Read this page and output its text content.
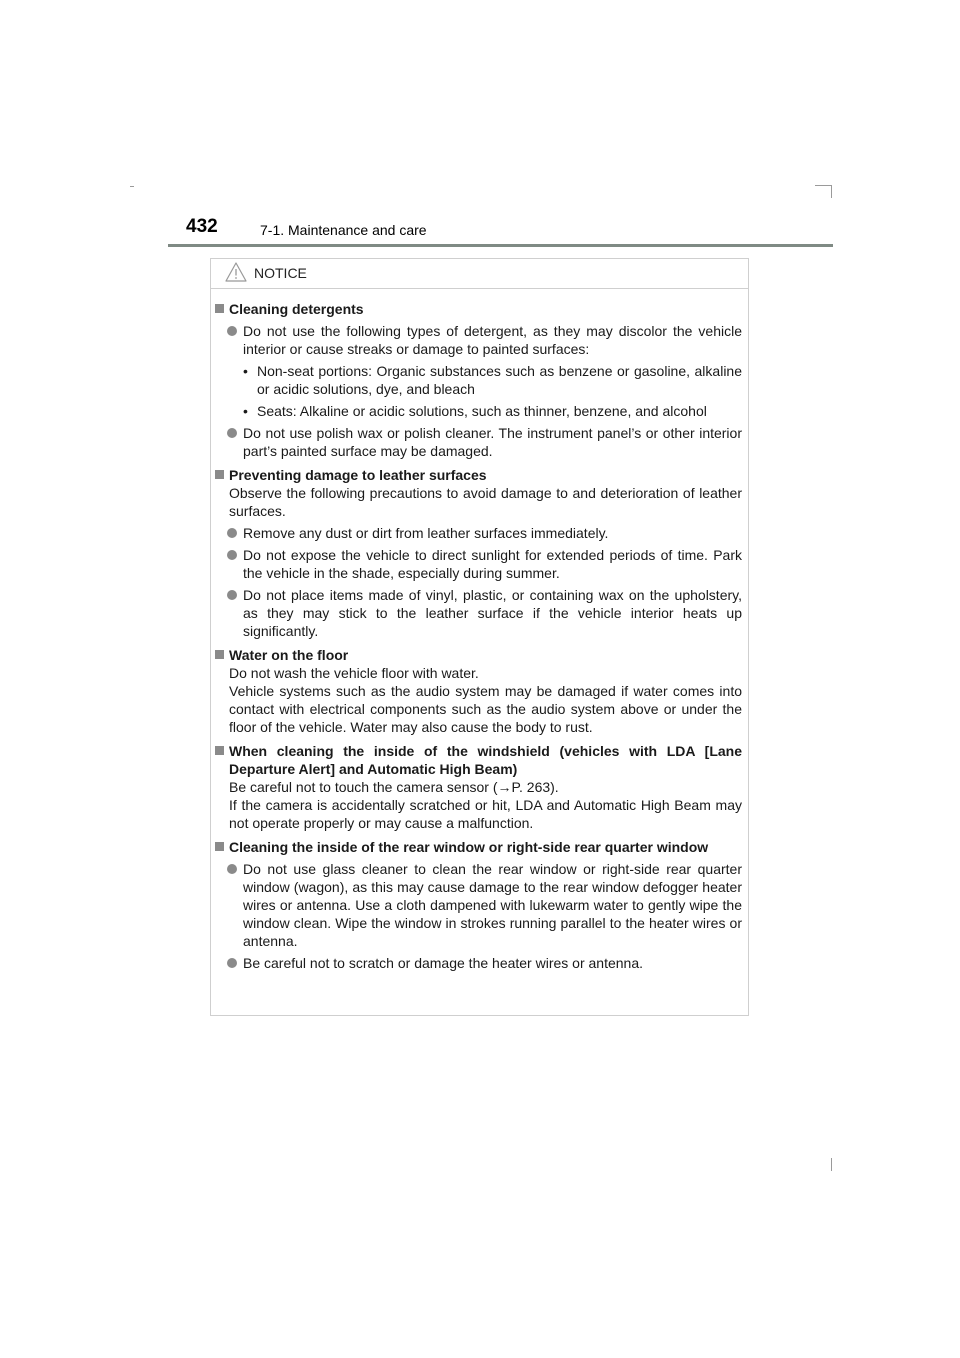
432	7-1. Maintenance and care
NOTICE
Cleaning detergents
Do not use the following types of detergent, as they may discolor the vehicle interior or cause streaks or damage to painted surfaces:
• Non-seat portions: Organic substances such as benzene or gasoline, alkaline or acidic solutions, dye, and bleach
• Seats: Alkaline or acidic solutions, such as thinner, benzene, and alcohol
Do not use polish wax or polish cleaner. The instrument panel’s or other interior part’s painted surface may be damaged.
Preventing damage to leather surfaces
Observe the following precautions to avoid damage to and deterioration of leather surfaces.
Remove any dust or dirt from leather surfaces immediately.
Do not expose the vehicle to direct sunlight for extended periods of time. Park the vehicle in the shade, especially during summer.
Do not place items made of vinyl, plastic, or containing wax on the upholstery, as they may stick to the leather surface if the vehicle interior heats up significantly.
Water on the floor
Do not wash the vehicle floor with water.
Vehicle systems such as the audio system may be damaged if water comes into contact with electrical components such as the audio system above or under the floor of the vehicle. Water may also cause the body to rust.
When cleaning the inside of the windshield (vehicles with LDA [Lane Departure Alert] and Automatic High Beam)
Be careful not to touch the camera sensor (→P. 263).
If the camera is accidentally scratched or hit, LDA and Automatic High Beam may not operate properly or may cause a malfunction.
Cleaning the inside of the rear window or right-side rear quarter window
Do not use glass cleaner to clean the rear window or right-side rear quarter window (wagon), as this may cause damage to the rear window defogger heater wires or antenna. Use a cloth dampened with lukewarm water to gently wipe the window clean. Wipe the window in strokes running parallel to the heater wires or antenna.
Be careful not to scratch or damage the heater wires or antenna.
